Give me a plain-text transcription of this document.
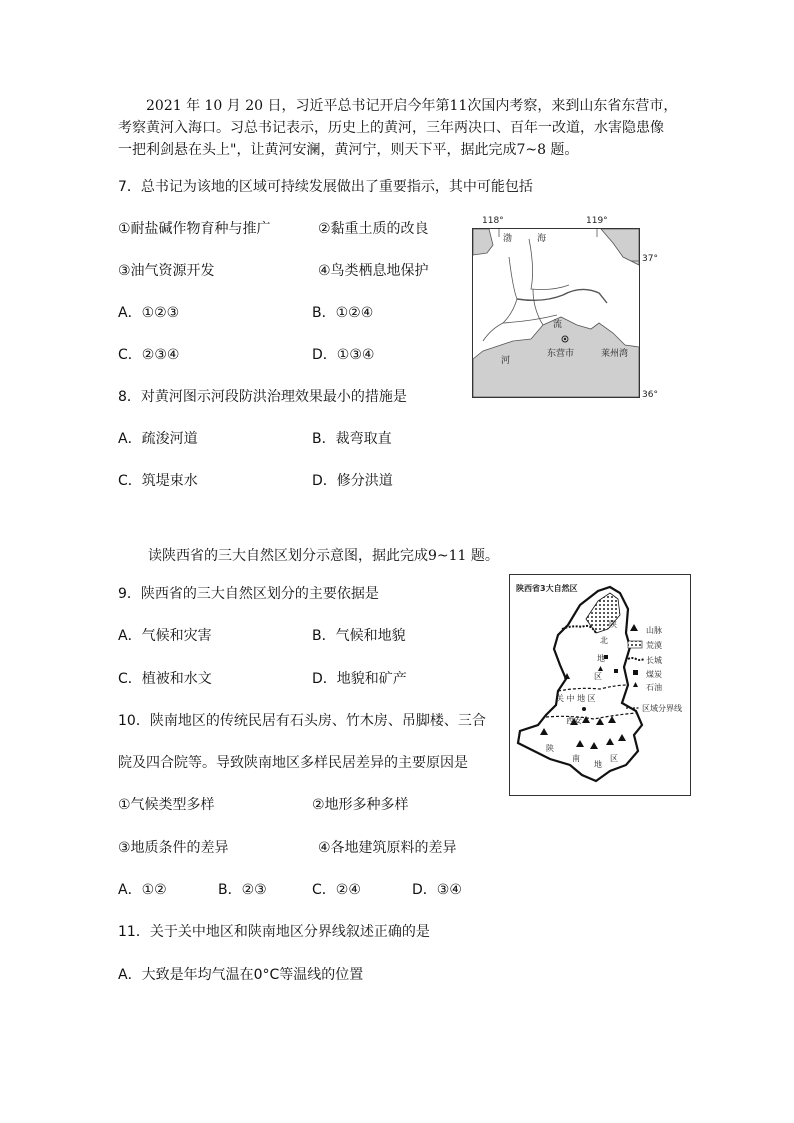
2021 年 10 月 20 日，习近平总书记开启今年第11次国内考察，来到山东省东营市，
考察黄河入海口。习总书记表示，历史上的黄河，三年两决口、百年一改道，水害隐患像
一把利剑悬在头上"，让黄河安澜，黄河宁，则天下平，据此完成7~8 题。
7．总书记为该地的区域可持续发展做出了重要指示，其中可能包括
①耐盐碱作物育种与推广	②黏重土质的改良
③油气资源开发	④鸟类栖息地保护
A．①②③	B．①②④
C．②③④	D．①③④
8．对黄河图示河段防洪治理效果最小的措施是
A．疏浚河道	B．裁弯取直
C．筑堤束水	D．修分洪道
118°	119°
渤	海
流
河
东营市	莱州湾
37°
36°
读陕西省的三大自然区划分示意图，据此完成9~11 题。
9．陕西省的三大自然区划分的主要依据是
A．气候和灾害	B．气候和地貌
C．植被和水文	D．地貌和矿产
10．陕南地区的传统民居有石头房、竹木房、吊脚楼、三合
院及四合院等。导致陕南地区多样民居差异的主要原因是
①气候类型多样	②地形多种多样
③地质条件的差异	④各地建筑原料的差异
A．①②	B．②③	C．②④	D．③④
11．关于关中地区和陕南地区分界线叙述正确的是
A．大致是年均气温在0°C等温线的位置
陕西省3大自然区
陕
北
地
区
关 中 地 区
西安
陕
南
地
区
山脉
荒漠
长城
煤炭
石油
区域分界线
